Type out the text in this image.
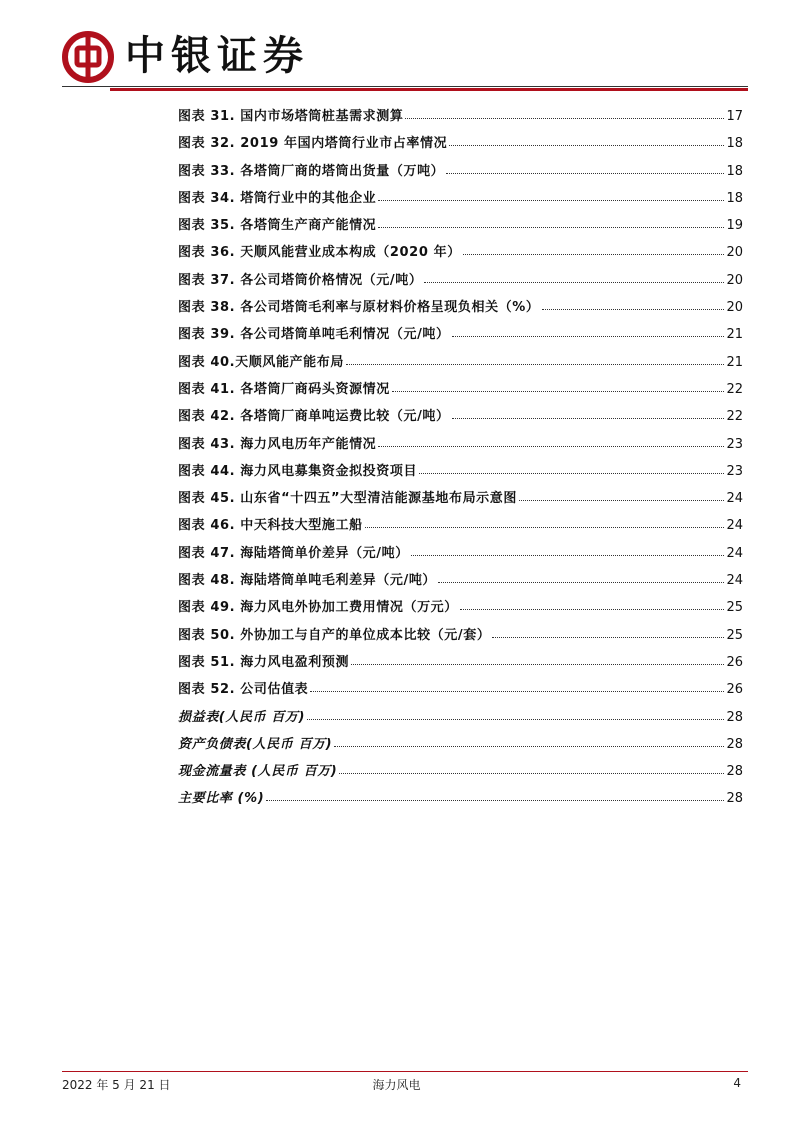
中银证券
图表 31. 国内市场塔筒桩基需求测算	17
图表 32. 2019 年国内塔筒行业市占率情况	18
图表 33. 各塔筒厂商的塔筒出货量（万吨）	18
图表 34. 塔筒行业中的其他企业	18
图表 35. 各塔筒生产商产能情况	19
图表 36. 天顺风能营业成本构成（2020 年）	20
图表 37. 各公司塔筒价格情况（元/吨）	20
图表 38. 各公司塔筒毛利率与原材料价格呈现负相关（%）	20
图表 39. 各公司塔筒单吨毛利情况（元/吨）	21
图表 40.天顺风能产能布局	21
图表 41. 各塔筒厂商码头资源情况	22
图表 42. 各塔筒厂商单吨运费比较（元/吨）	22
图表 43. 海力风电历年产能情况	23
图表 44. 海力风电募集资金拟投资项目	23
图表 45. 山东省“十四五”大型清洁能源基地布局示意图	24
图表 46. 中天科技大型施工船	24
图表 47. 海陆塔筒单价差异（元/吨）	24
图表 48. 海陆塔筒单吨毛利差异（元/吨）	24
图表 49. 海力风电外协加工费用情况（万元）	25
图表 50. 外协加工与自产的单位成本比较（元/套）	25
图表 51. 海力风电盈利预测	26
图表 52. 公司估值表	26
损益表(人民币 百万)	28
资产负债表(人民币 百万)	28
现金流量表 (人民币 百万)	28
主要比率 (%)	28
2022 年 5 月 21 日	海力风电	4
